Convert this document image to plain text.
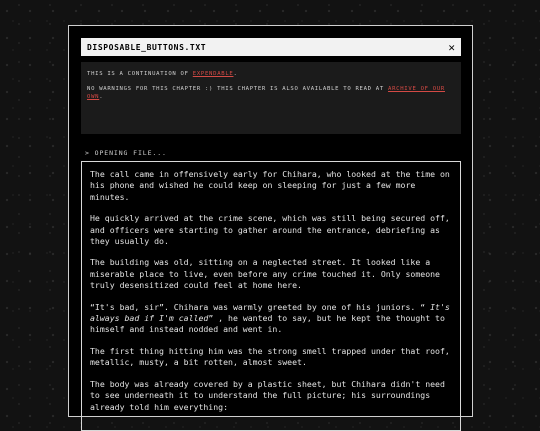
DISPOSABLE_BUTTONS.TXT	✕

THIS IS A CONTINUATION OF EXPENDABLE.

NO WARNINGS FOR THIS CHAPTER :) THIS CHAPTER IS ALSO AVAILABLE TO READ AT ARCHIVE OF OUR OWN.

> OPENING FILE...

The call came in offensively early for Chihara, who looked at the time on his phone and wished he could keep on sleeping for just a few more minutes.

He quickly arrived at the crime scene, which was still being secured off, and officers were starting to gather around the entrance, debriefing as they usually do.

The building was old, sitting on a neglected street. It looked like a miserable place to live, even before any crime touched it. Only someone truly desensitized could feel at home here.

“It's bad, sir”. Chihara was warmly greeted by one of his juniors. “ It's always bad if I'm called” , he wanted to say, but he kept the thought to himself and instead nodded and went in.

The first thing hitting him was the strong smell trapped under that roof, metallic, musty, a bit rotten, almost sweet.

The body was already covered by a plastic sheet, but Chihara didn't need to see underneath it to understand the full picture; his surroundings already told him everything:
